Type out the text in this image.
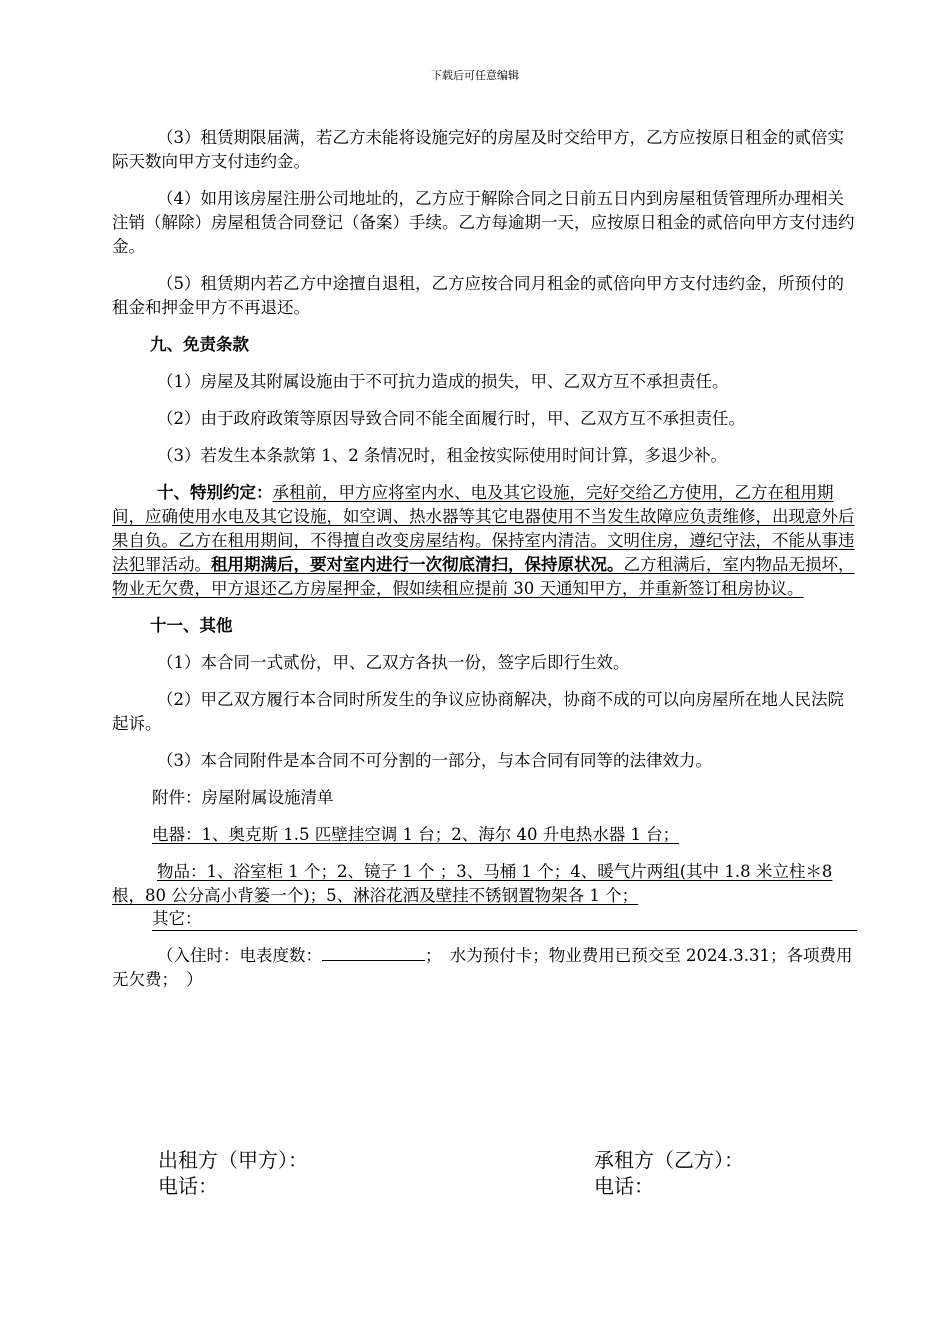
下载后可任意编辑

（3）租赁期限届满，若乙方未能将设施完好的房屋及时交给甲方，乙方应按原日租金的贰倍实际天数向甲方支付违约金。

（4）如用该房屋注册公司地址的，乙方应于解除合同之日前五日内到房屋租赁管理所办理相关注销（解除）房屋租赁合同登记（备案）手续。乙方每逾期一天，应按原日租金的贰倍向甲方支付违约金。

（5）租赁期内若乙方中途擅自退租，乙方应按合同月租金的贰倍向甲方支付违约金，所预付的租金和押金甲方不再退还。

九、免责条款

（1）房屋及其附属设施由于不可抗力造成的损失，甲、乙双方互不承担责任。

（2）由于政府政策等原因导致合同不能全面履行时，甲、乙双方互不承担责任。

（3）若发生本条款第 1、2 条情况时，租金按实际使用时间计算，多退少补。

十、特别约定：承租前，甲方应将室内水、电及其它设施，完好交给乙方使用，乙方在租用期间，应确使用水电及其它设施，如空调、热水器等其它电器使用不当发生故障应负责维修，出现意外后果自负。乙方在租用期间，不得擅自改变房屋结构。保持室内清洁。文明住房，遵纪守法，不能从事违法犯罪活动。租用期满后，要对室内进行一次彻底清扫，保持原状况。乙方租满后，室内物品无损坏，物业无欠费，甲方退还乙方房屋押金，假如续租应提前 30 天通知甲方，并重新签订租房协议。

十一、其他

（1）本合同一式贰份，甲、乙双方各执一份，签字后即行生效。

（2）甲乙双方履行本合同时所发生的争议应协商解决，协商不成的可以向房屋所在地人民法院起诉。

（3）本合同附件是本合同不可分割的一部分，与本合同有同等的法律效力。

附件：房屋附属设施清单

电器：1、奥克斯 1.5 匹壁挂空调 1 台；2、海尔 40 升电热水器 1 台；

物品：1、浴室柜 1 个；2、镜子 1 个 ；3、马桶 1 个；4、暖气片两组(其中 1.8 米立柱＊8 根，80 公分高小背篓一个)；5、淋浴花洒及壁挂不锈钢置物架各 1 个；

其它：

（入住时：电表度数：	；　水为预付卡；物业费用已预交至 2024.3.31；各项费用无欠费；　）

出租方（甲方）：
电话：
承租方（乙方）：
电话：
